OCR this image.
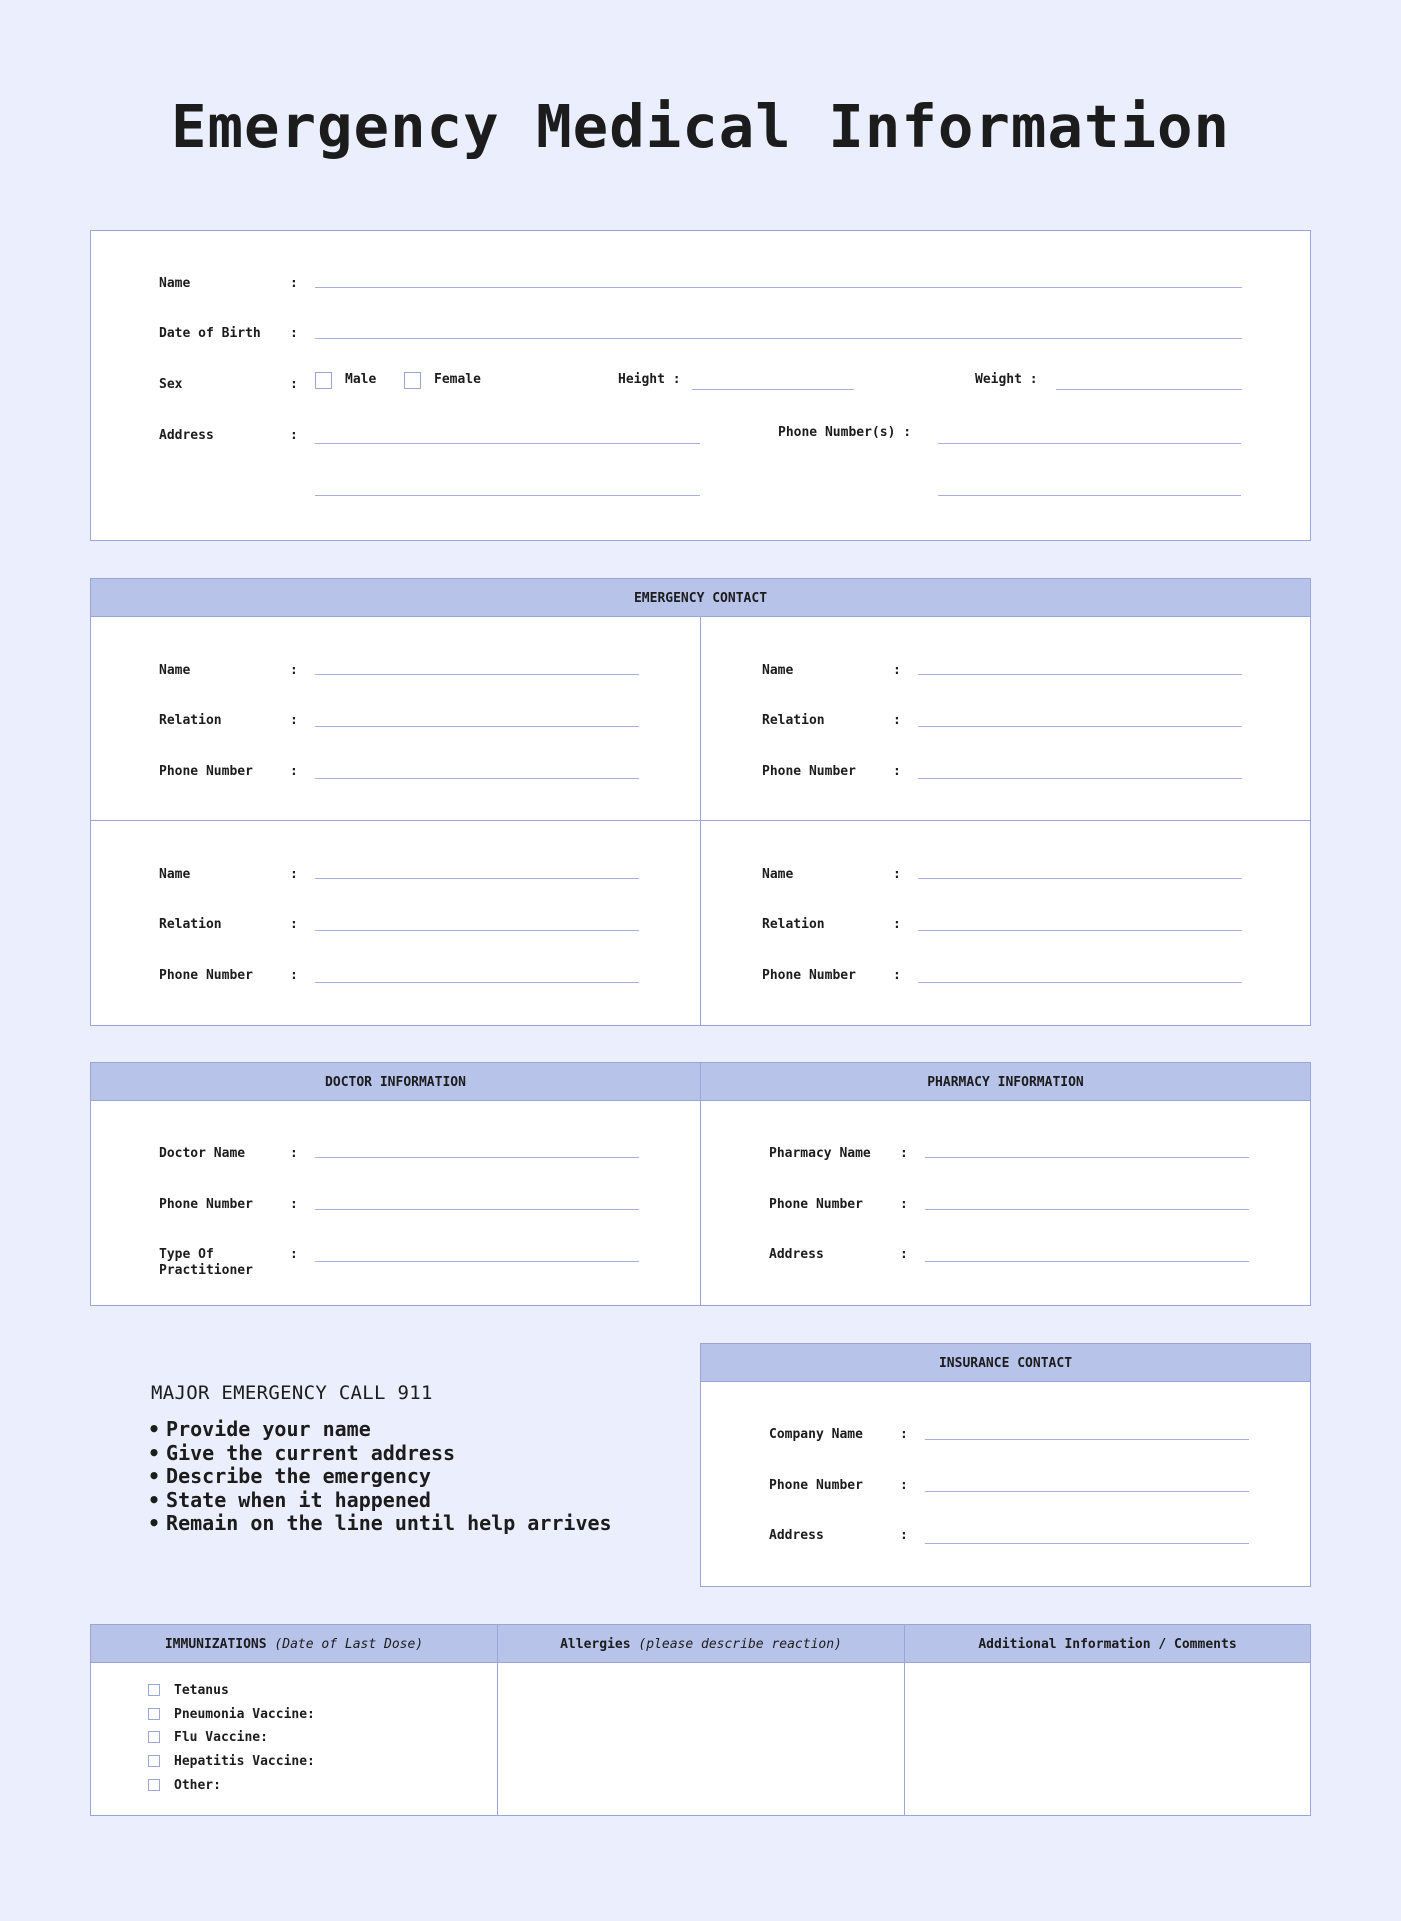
Emergency Medical Information
Name	:
Date of Birth :
Sex	:	Male	Female	Height :	Weight :
Address	:	Phone Number(s) :
EMERGENCY CONTACT
Name	:
Relation	:
Phone Number	:
Name	:
Relation	:
Phone Number	:
Name	:
Relation	:
Phone Number	:
Name	:
Relation	:
Phone Number	:
DOCTOR INFORMATION	PHARMACY INFORMATION
Doctor Name	:
Phone Number	:
Type Of
Practitioner
:
Pharmacy Name :
Phone Number	:
Address	:
MAJOR EMERGENCY CALL 911
• Provide your name
• Give the current address
• Describe the emergency
• State when it happened
• Remain on the line until help arrives
INSURANCE CONTACT
Company Name	:
Phone Number	:
Address	:
IMMUNIZATIONS (Date of Last Dose)	Allergies (please describe reaction)	Additional Information / Comments
Tetanus
Pneumonia Vaccine:
Flu Vaccine:
Hepatitis Vaccine:
Other:
